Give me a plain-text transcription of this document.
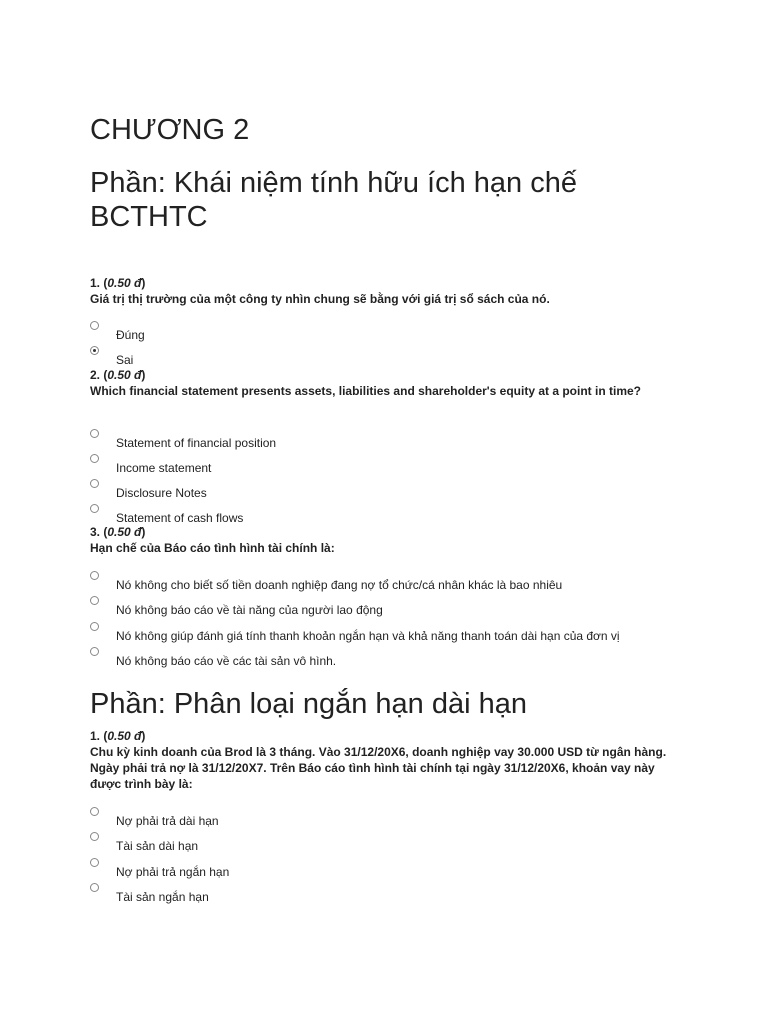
CHƯƠNG 2
Phần: Khái niệm tính hữu ích hạn chế BCTHTC
1. (0.50 đ)
Giá trị thị trường của một công ty nhìn chung sẽ bằng với giá trị sổ sách của nó.
Đúng
Sai
2. (0.50 đ)
Which financial statement presents assets, liabilities and shareholder's equity at a point in time?
Statement of financial position
Income statement
Disclosure Notes
Statement of cash flows
3. (0.50 đ)
Hạn chế của Báo cáo tình hình tài chính là:
Nó không cho biết số tiền doanh nghiệp đang nợ tổ chức/cá nhân khác là bao nhiêu
Nó không báo cáo về tài năng của người lao động
Nó không giúp đánh giá tính thanh khoản ngắn hạn và khả năng thanh toán dài hạn của đơn vị
Nó không báo cáo về các tài sản vô hình.
Phần: Phân loại ngắn hạn dài hạn
1. (0.50 đ)
Chu kỳ kinh doanh của Brod là 3 tháng. Vào 31/12/20X6, doanh nghiệp vay 30.000 USD từ ngân hàng. Ngày phải trả nợ là 31/12/20X7. Trên Báo cáo tình hình tài chính tại ngày 31/12/20X6, khoản vay này được trình bày là:
Nợ phải trả dài hạn
Tài sản dài hạn
Nợ phải trả ngắn hạn
Tài sản ngắn hạn
